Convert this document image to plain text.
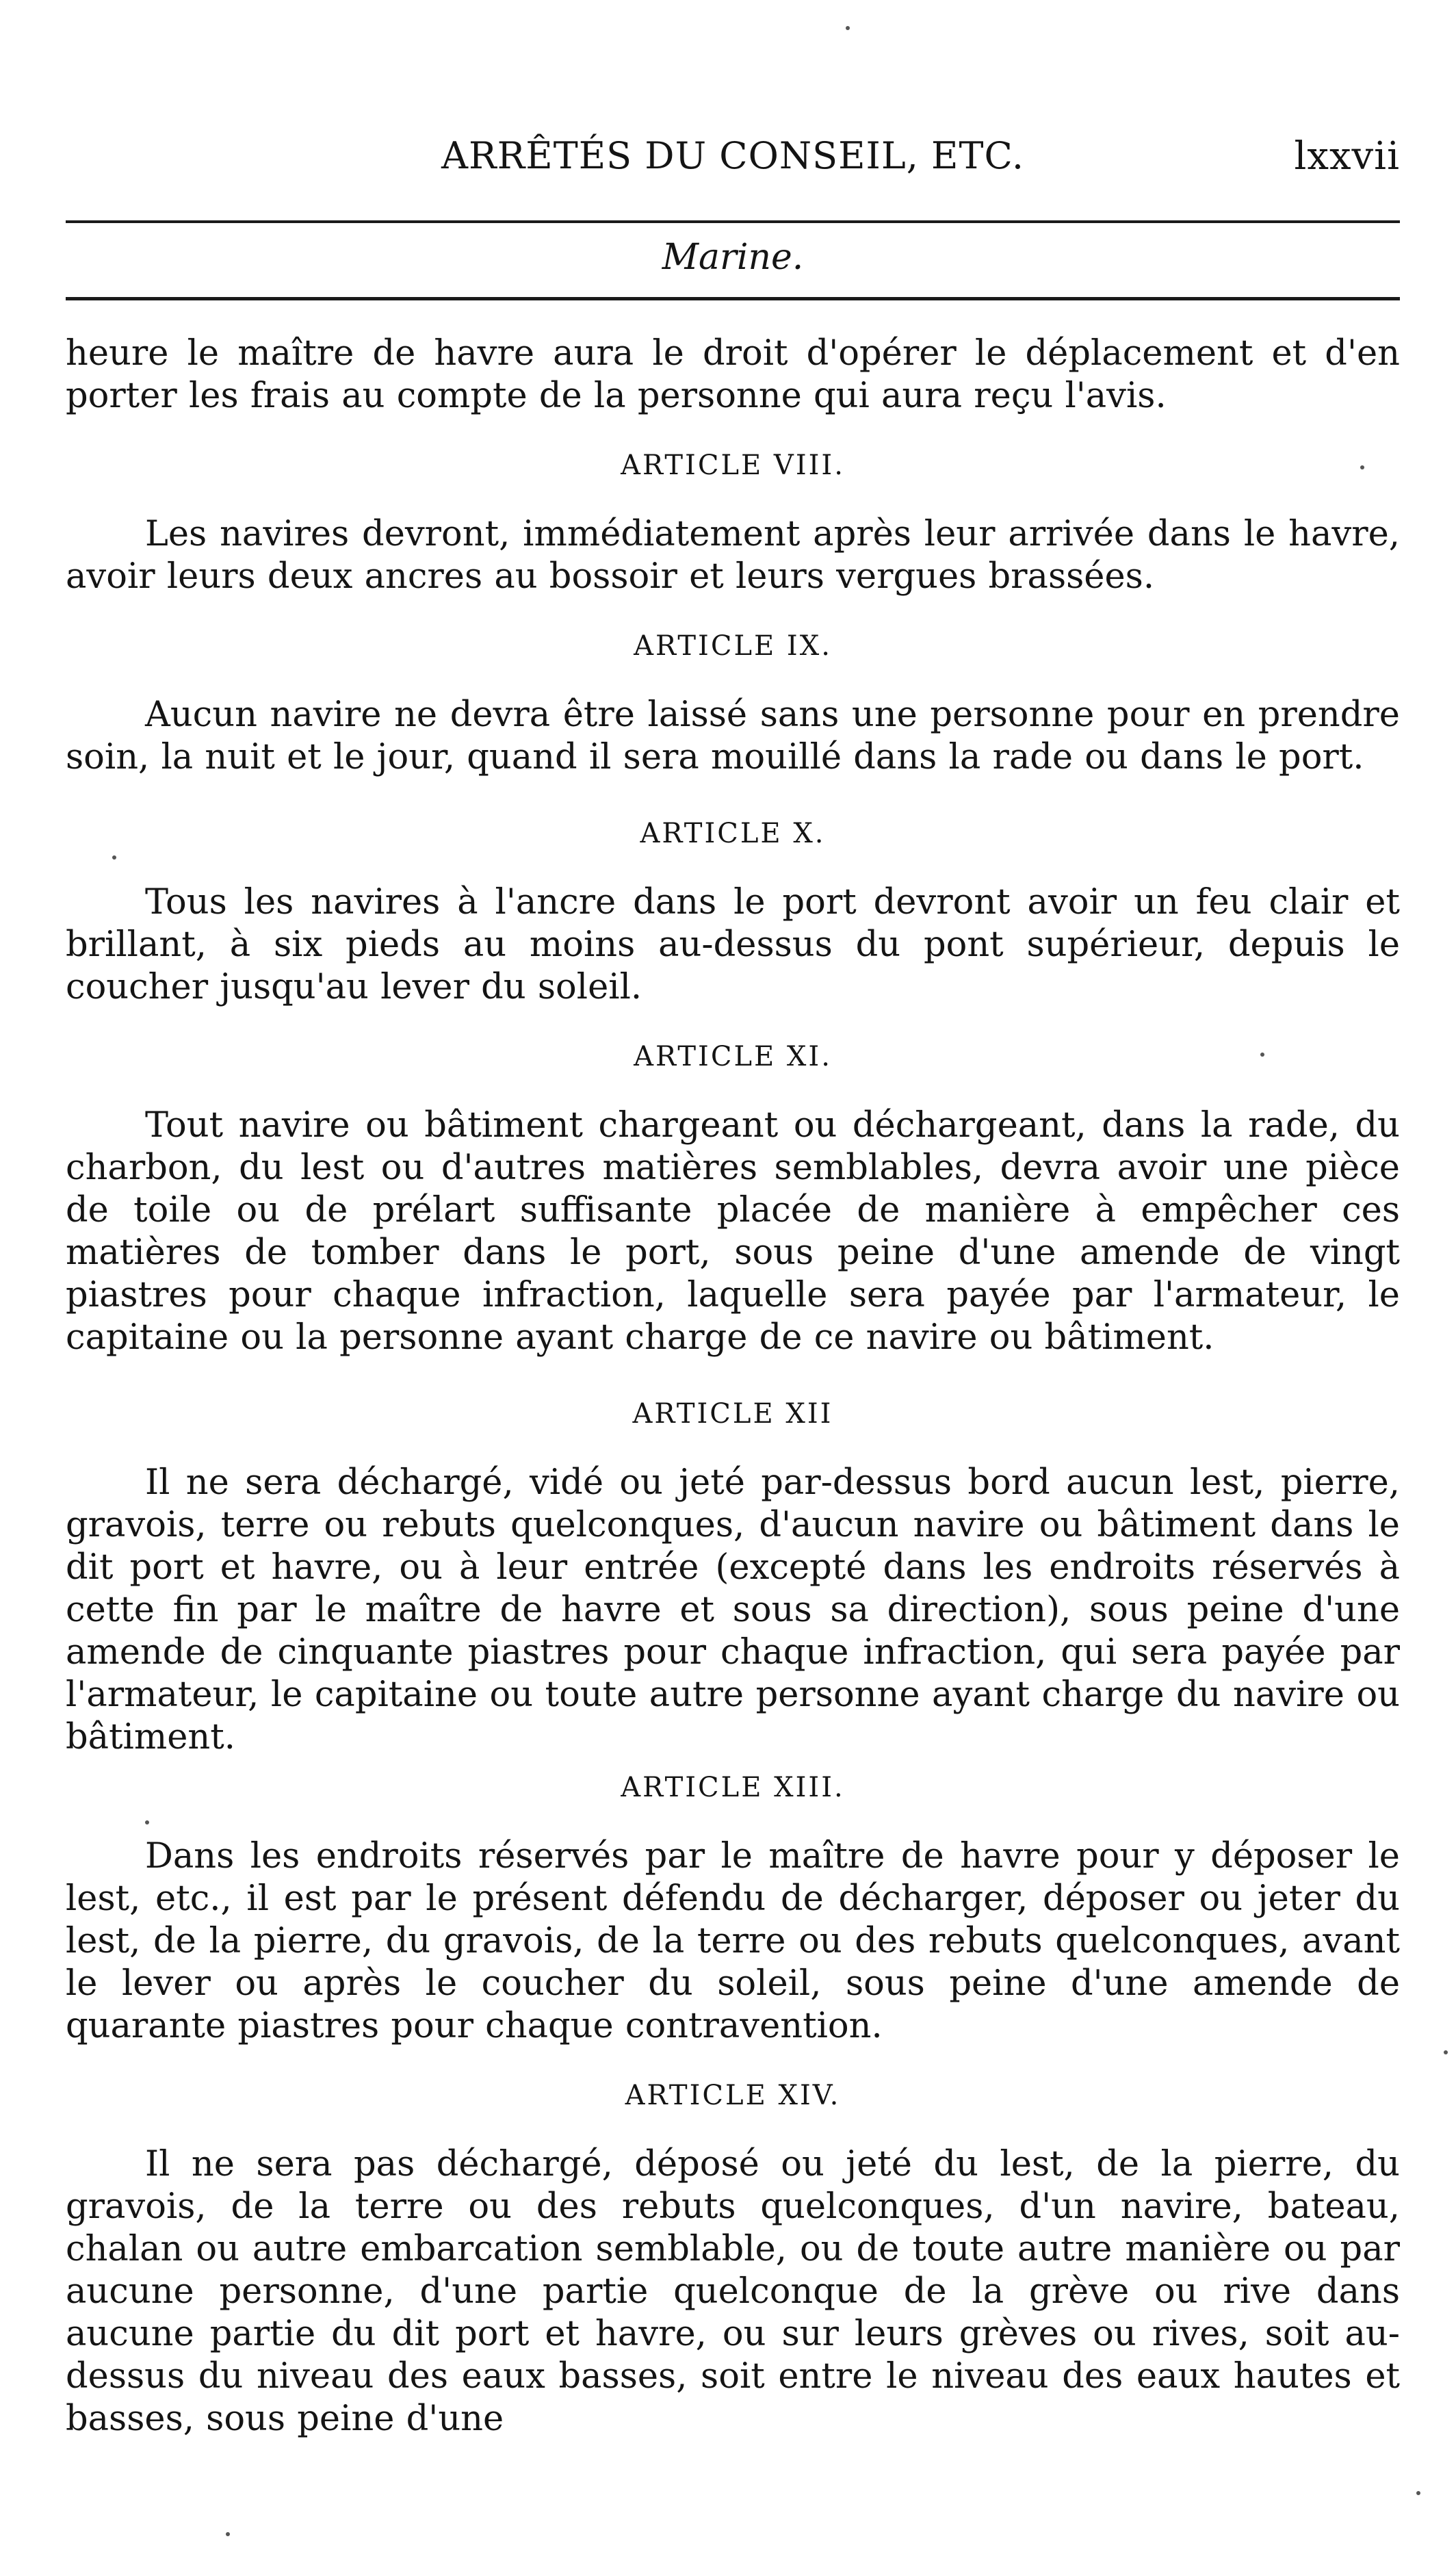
ARRÊTÉS DU CONSEIL, ETC.	lxxvii
Marine.

heure le maître de havre aura le droit d'opérer le déplacement et d'en porter les frais au compte de la personne qui aura reçu l'avis.

ARTICLE VIII.

Les navires devront, immédiatement après leur arrivée dans le havre, avoir leurs deux ancres au bossoir et leurs vergues brassées.

ARTICLE IX.

Aucun navire ne devra être laissé sans une personne pour en prendre soin, la nuit et le jour, quand il sera mouillé dans la rade ou dans le port.

ARTICLE X.

Tous les navires à l'ancre dans le port devront avoir un feu clair et brillant, à six pieds au moins au-dessus du pont supérieur, depuis le coucher jusqu'au lever du soleil.

ARTICLE XI.

Tout navire ou bâtiment chargeant ou déchargeant, dans la rade, du charbon, du lest ou d'autres matières semblables, devra avoir une pièce de toile ou de prélart suffisante placée de manière à empêcher ces matières de tomber dans le port, sous peine d'une amende de vingt piastres pour chaque infraction, laquelle sera payée par l'armateur, le capitaine ou la personne ayant charge de ce navire ou bâtiment.

ARTICLE XII

Il ne sera déchargé, vidé ou jeté par-dessus bord aucun lest, pierre, gravois, terre ou rebuts quelconques, d'aucun navire ou bâtiment dans le dit port et havre, ou à leur entrée (excepté dans les endroits réservés à cette fin par le maître de havre et sous sa direction), sous peine d'une amende de cinquante piastres pour chaque infraction, qui sera payée par l'armateur, le capitaine ou toute autre personne ayant charge du navire ou bâtiment.

ARTICLE XIII.

Dans les endroits réservés par le maître de havre pour y déposer le lest, etc., il est par le présent défendu de décharger, déposer ou jeter du lest, de la pierre, du gravois, de la terre ou des rebuts quelconques, avant le lever ou après le coucher du soleil, sous peine d'une amende de quarante piastres pour chaque contravention.

ARTICLE XIV.

Il ne sera pas déchargé, déposé ou jeté du lest, de la pierre, du gravois, de la terre ou des rebuts quelconques, d'un navire, bateau, chalan ou autre embarcation semblable, ou de toute autre manière ou par aucune personne, d'une partie quelconque de la grève ou rive dans aucune partie du dit port et havre, ou sur leurs grèves ou rives, soit au-dessus du niveau des eaux basses, soit entre le niveau des eaux hautes et basses, sous peine d'une
